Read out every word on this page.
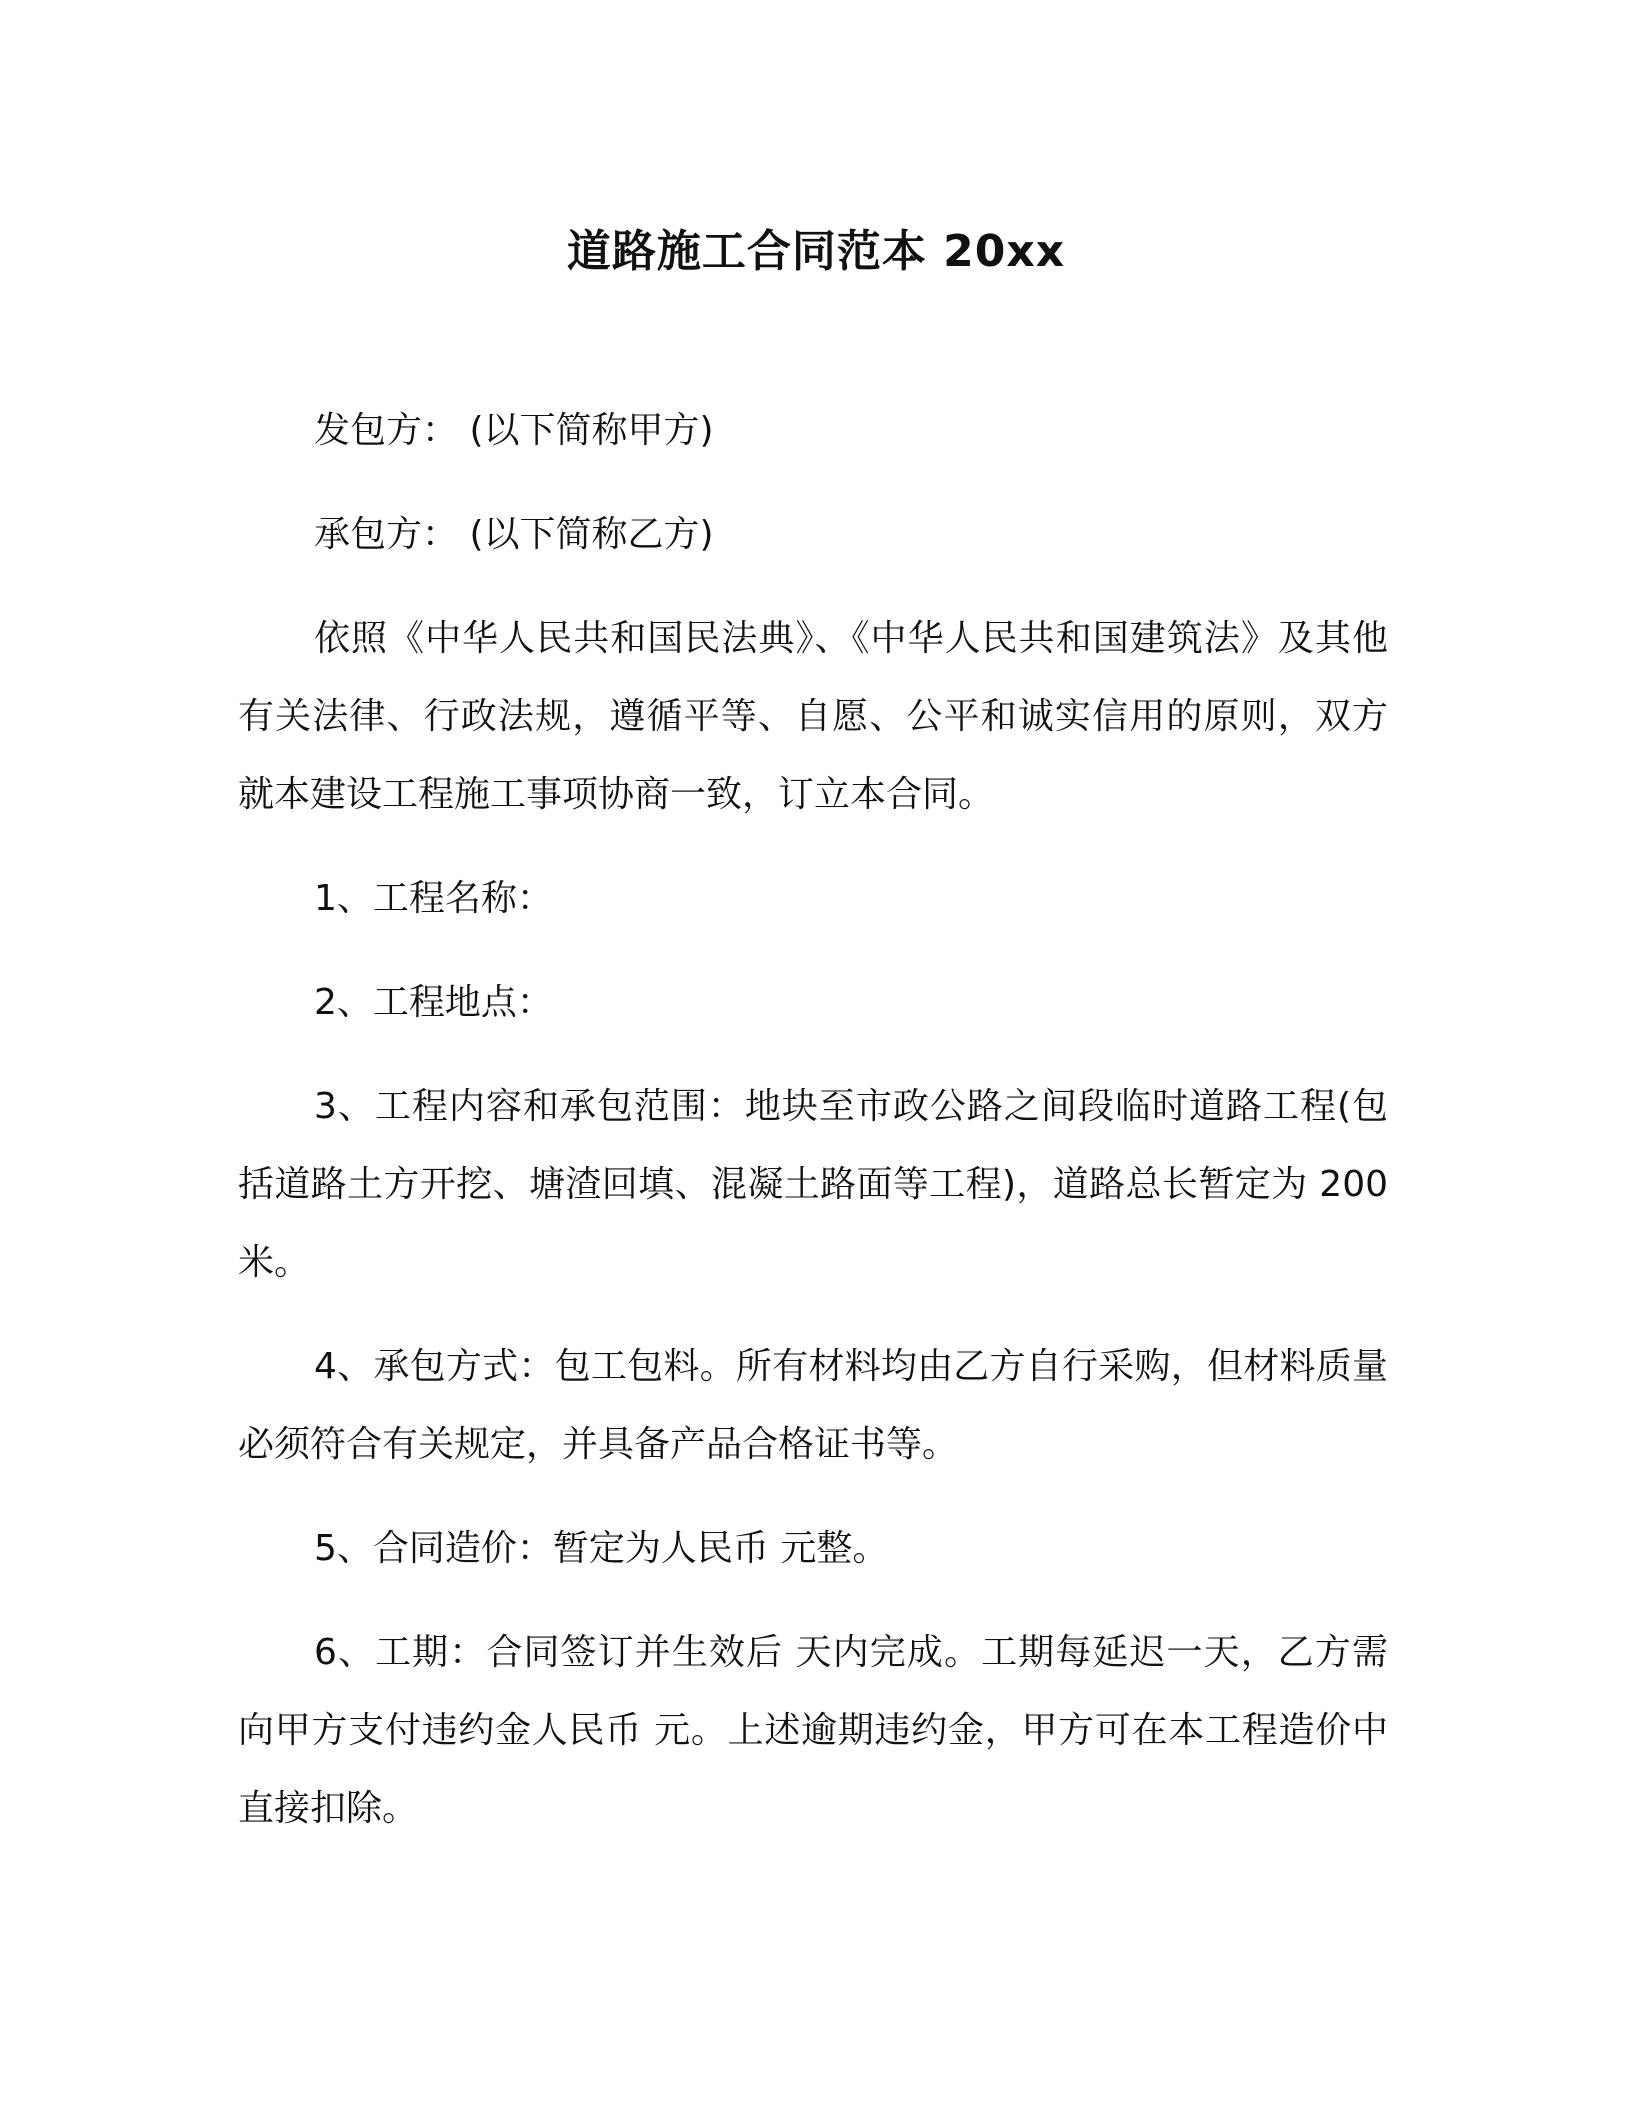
道路施工合同范本 20xx

发包方： (以下简称甲方)

承包方： (以下简称乙方)

依照《中华人民共和国民法典》、《中华人民共和国建筑法》及其他有关法律、行政法规，遵循平等、自愿、公平和诚实信用的原则，双方就本建设工程施工事项协商一致，订立本合同。

1、工程名称：

2、工程地点：

3、工程内容和承包范围：地块至市政公路之间段临时道路工程(包括道路土方开挖、塘渣回填、混凝土路面等工程)，道路总长暂定为 200 米。

4、承包方式：包工包料。所有材料均由乙方自行采购，但材料质量必须符合有关规定，并具备产品合格证书等。

5、合同造价：暂定为人民币 元整。

6、工期：合同签订并生效后 天内完成。工期每延迟一天，乙方需向甲方支付违约金人民币 元。上述逾期违约金，甲方可在本工程造价中直接扣除。
